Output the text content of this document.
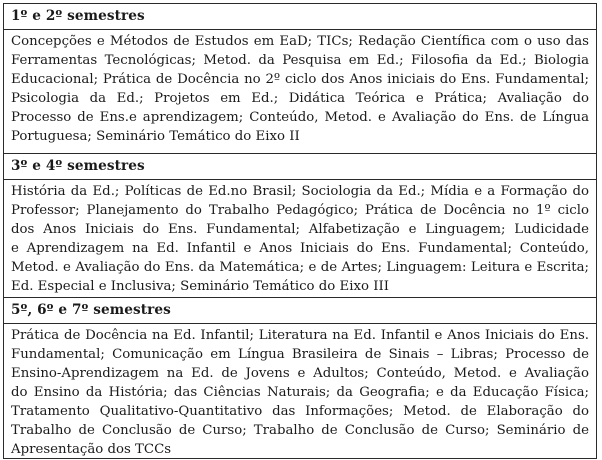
1º e 2º semestres
Concepções e Métodos de Estudos em EaD; TICs; Redação Científica com o uso das
Ferramentas Tecnológicas; Metod. da Pesquisa em Ed.; Filosofia da Ed.; Biologia
Educacional; Prática de Docência no 2º ciclo dos Anos iniciais do Ens. Fundamental;
Psicologia da Ed.; Projetos em Ed.; Didática Teórica e Prática; Avaliação do
Processo de Ens.e aprendizagem; Conteúdo, Metod. e Avaliação do Ens. de Língua
Portuguesa; Seminário Temático do Eixo II
3º e 4º semestres
História da Ed.; Políticas de Ed.no Brasil; Sociologia da Ed.; Mídia e a Formação do
Professor; Planejamento do Trabalho Pedagógico; Prática de Docência no 1º ciclo
dos Anos Iniciais do Ens. Fundamental; Alfabetização e Linguagem; Ludicidade
e Aprendizagem na Ed. Infantil e Anos Iniciais do Ens. Fundamental; Conteúdo,
Metod. e Avaliação do Ens. da Matemática; e de Artes; Linguagem: Leitura e Escrita;
Ed. Especial e Inclusiva; Seminário Temático do Eixo III
5º, 6º e 7º semestres
Prática de Docência na Ed. Infantil; Literatura na Ed. Infantil e Anos Iniciais do Ens.
Fundamental; Comunicação em Língua Brasileira de Sinais – Libras; Processo de
Ensino-Aprendizagem na Ed. de Jovens e Adultos; Conteúdo, Metod. e Avaliação
do Ensino da História; das Ciências Naturais; da Geografia; e da Educação Física;
Tratamento Qualitativo-Quantitativo das Informações; Metod. de Elaboração do
Trabalho de Conclusão de Curso; Trabalho de Conclusão de Curso; Seminário de
Apresentação dos TCCs
